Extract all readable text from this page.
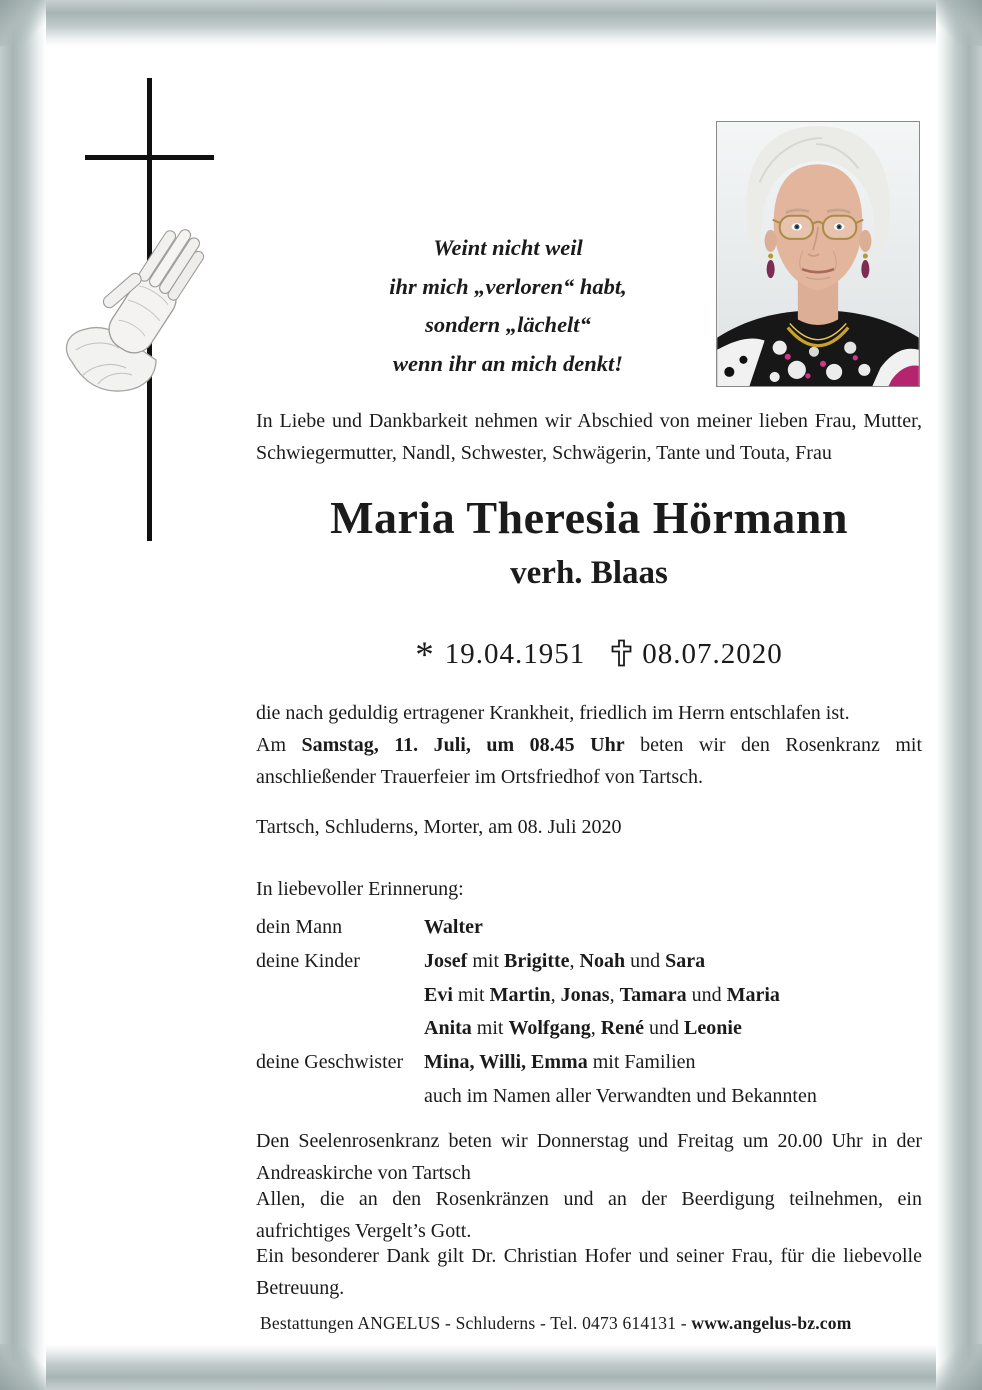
Weint nicht weil
ihr mich „verloren“ habt,
sondern „lächelt“
wenn ihr an mich denkt!
In Liebe und Dankbarkeit nehmen wir Abschied von meiner lieben Frau, Mutter, Schwiegermutter, Nandl, Schwester, Schwägerin, Tante und Touta, Frau
Maria Theresia Hörmann
verh. Blaas
* 19.04.1951 08.07.2020
die nach geduldig ertragener Krankheit, friedlich im Herrn entschlafen ist.
Am Samstag, 11. Juli, um 08.45 Uhr beten wir den Rosenkranz mit anschließender Trauerfeier im Ortsfriedhof von Tartsch.
Tartsch, Schluderns, Morter, am 08. Juli 2020
In liebevoller Erinnerung:
dein Mann	Walter
deine Kinder	Josef mit Brigitte, Noah und Sara
Evi mit Martin, Jonas, Tamara und Maria
Anita mit Wolfgang, René und Leonie
deine Geschwister Mina, Willi, Emma mit Familien
auch im Namen aller Verwandten und Bekannten
Den Seelenrosenkranz beten wir Donnerstag und Freitag um 20.00 Uhr in der Andreaskirche von Tartsch
Allen, die an den Rosenkränzen und an der Beerdigung teilnehmen, ein aufrichtiges Vergelt’s Gott.
Ein besonderer Dank gilt Dr. Christian Hofer und seiner Frau, für die liebevolle Betreuung.
Bestattungen ANGELUS - Schluderns - Tel. 0473 614131 - www.angelus-bz.com
